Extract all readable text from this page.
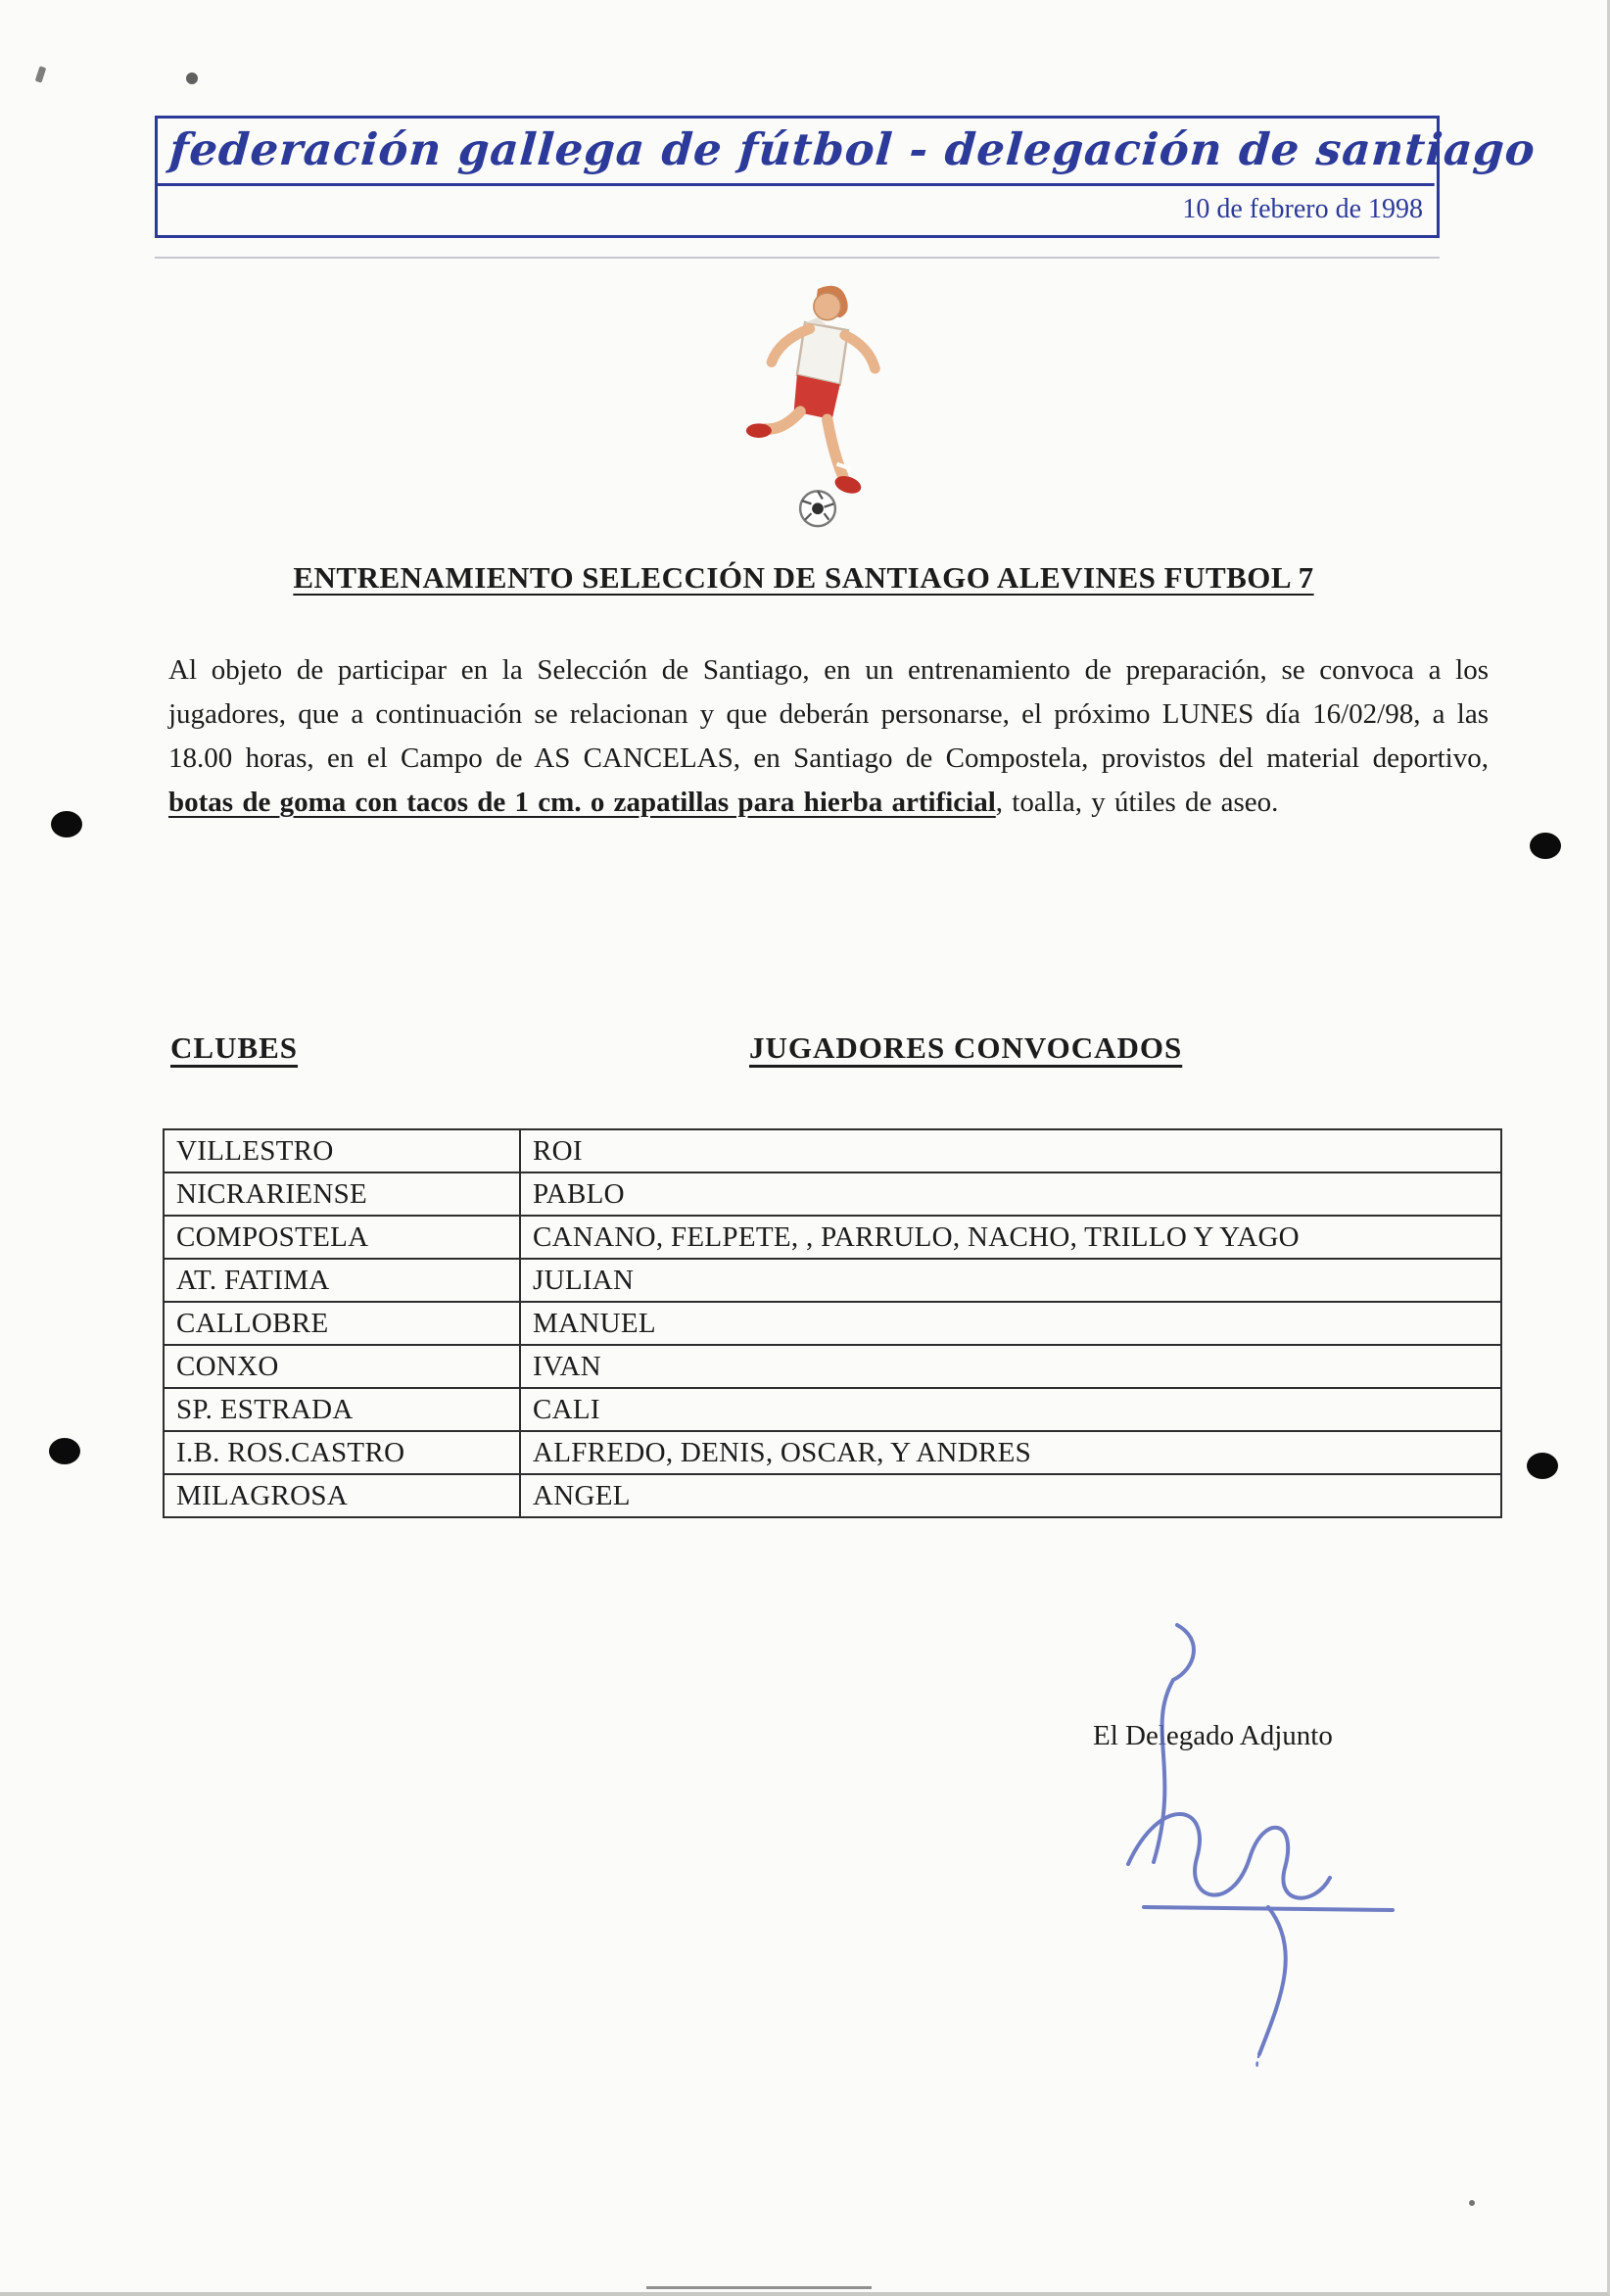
federación gallega de fútbol - delegación de santiago
10 de febrero de 1998
ENTRENAMIENTO SELECCIÓN DE SANTIAGO ALEVINES FUTBOL 7
Al objeto de participar en la Selección de Santiago, en un entrenamiento de preparación, se convoca a los jugadores, que a continuación se relacionan y que deberán personarse, el próximo LUNES día 16/02/98, a las 18.00 horas, en el Campo de AS CANCELAS, en Santiago de Compostela, provistos del material deportivo, botas de goma con tacos de 1 cm. o zapatillas para hierba artificial, toalla, y útiles de aseo.
CLUBES	JUGADORES CONVOCADOS
VILLESTRO	ROI
NICRARIENSE	PABLO
COMPOSTELA	CANANO, FELPETE, , PARRULO, NACHO, TRILLO Y YAGO
AT. FATIMA	JULIAN
CALLOBRE	MANUEL
CONXO	IVAN
SP. ESTRADA	CALI
I.B. ROS.CASTRO	ALFREDO, DENIS, OSCAR, Y ANDRES
MILAGROSA	ANGEL
El Delegado Adjunto
